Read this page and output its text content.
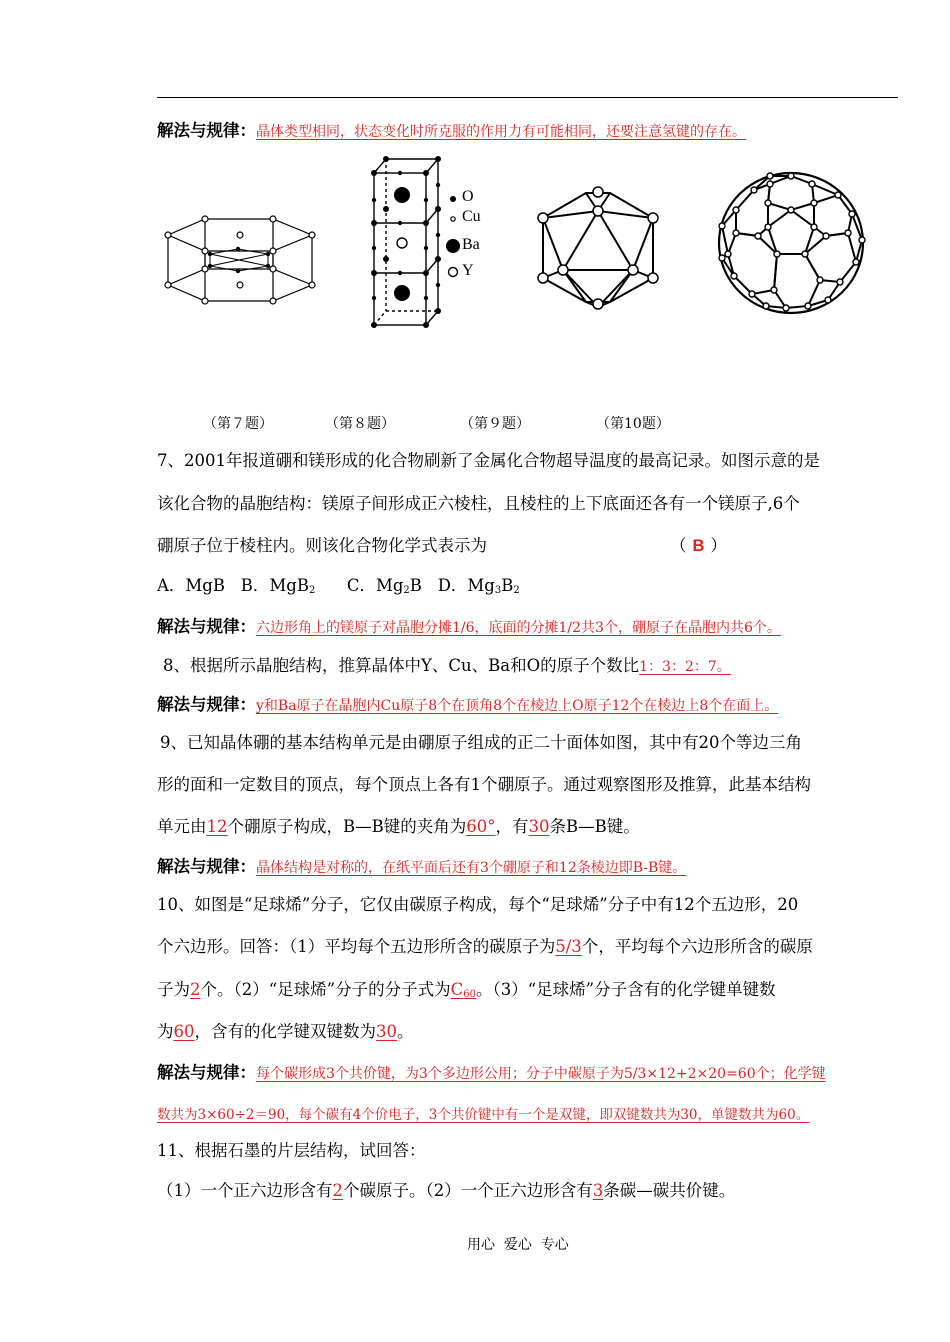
解法与规律：晶体类型相同，状态变化时所克服的作用力有可能相同，还要注意氢键的存在。
O
Cu
Ba
Y
（第７题）	（第８题）	（第９题）	（第10题）
7、2001年报道硼和镁形成的化合物刷新了金属化合物超导温度的最高记录。如图示意的是
该化合物的晶胞结构：镁原子间形成正六棱柱，且棱柱的上下底面还各有一个镁原子,6个
硼原子位于棱柱内。则该化合物化学式表示为	（ B ）
A．MgB B．MgB$_2$ C．$Mg_2B$ D．$Mg_3B_2$
解法与规律：六边形角上的镁原子对晶胞分摊1/6，底面的分摊1/2共3个，硼原子在晶胞内共6个。
8、根据所示晶胞结构，推算晶体中Y、Cu、Ba和O的原子个数比1：3：2：7。
解法与规律：y和Ba原子在晶胞内Cu原子8个在顶角8个在棱边上O原子12个在棱边上8个在面上。
9、已知晶体硼的基本结构单元是由硼原子组成的正二十面体如图，其中有20个等边三角
形的面和一定数目的顶点，每个顶点上各有1个硼原子。通过观察图形及推算，此基本结构
单元由12个硼原子构成，B—B键的夹角为60°，有30条B—B键。
解法与规律：晶体结构是对称的，在纸平面后还有3个硼原子和12条棱边即B-B键。
10、如图是“足球烯”分子，它仅由碳原子构成，每个“足球烯”分子中有12个五边形，20
个六边形。回答：（1）平均每个五边形所含的碳原子为5/3个，平均每个六边形所含的碳原
子为2个。（2）“足球烯”分子的分子式为$C_{60}$。（3）“足球烯”分子含有的化学键单键数
为60，含有的化学键双键数为30。
解法与规律：每个碳形成3个共价键，为3个多边形公用；分子中碳原子为5/3×12+2×20=60个；化学键
数共为3×60÷2＝90，每个碳有4个价电子，3个共价键中有一个是双键，即双键数共为30，单键数共为60。
11、根据石墨的片层结构，试回答：
（1）一个正六边形含有2个碳原子。（2）一个正六边形含有3条碳—碳共价键。
用心  爱心  专心
